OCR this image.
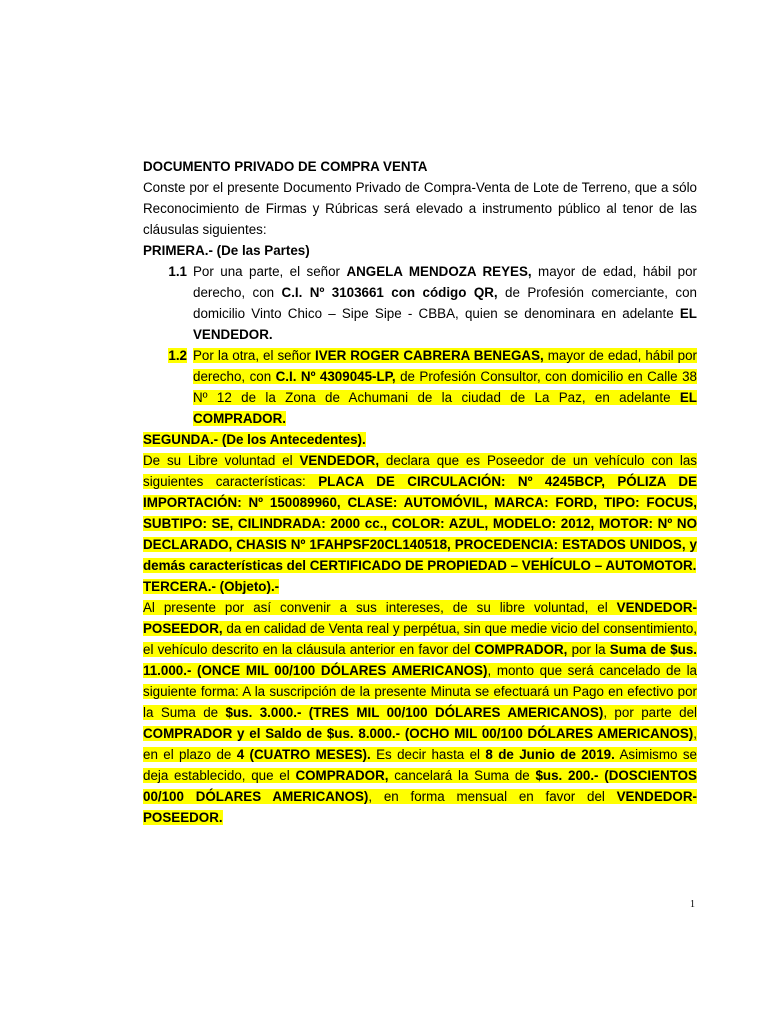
DOCUMENTO PRIVADO DE COMPRA VENTA

Conste por el presente Documento Privado de Compra-Venta de Lote de Terreno, que a sólo Reconocimiento de Firmas y Rúbricas será elevado a instrumento público al tenor de las cláusulas siguientes:

PRIMERA.- (De las Partes)

1.1 Por una parte, el señor ANGELA MENDOZA REYES, mayor de edad, hábil por derecho, con C.I. Nº 3103661 con código QR, de Profesión comerciante, con domicilio Vinto Chico – Sipe Sipe - CBBA, quien se denominara en adelante EL VENDEDOR.
1.2 Por la otra, el señor IVER ROGER CABRERA BENEGAS, mayor de edad, hábil por derecho, con C.I. Nº 4309045-LP, de Profesión Consultor, con domicilio en Calle 38 Nº 12 de la Zona de Achumani de la ciudad de La Paz, en adelante EL COMPRADOR.

SEGUNDA.- (De los Antecedentes).

De su Libre voluntad el VENDEDOR, declara que es Poseedor de un vehículo con las siguientes características: PLACA DE CIRCULACIÓN: Nº 4245BCP, PÓLIZA DE IMPORTACIÓN: Nº 150089960, CLASE: AUTOMÓVIL, MARCA: FORD, TIPO: FOCUS, SUBTIPO: SE, CILINDRADA: 2000 cc., COLOR: AZUL, MODELO: 2012, MOTOR: Nº NO DECLARADO, CHASIS Nº 1FAHPSF20CL140518, PROCEDENCIA: ESTADOS UNIDOS, y demás características del CERTIFICADO DE PROPIEDAD – VEHÍCULO – AUTOMOTOR.

TERCERA.- (Objeto).-

Al presente por así convenir a sus intereses, de su libre voluntad, el VENDEDOR-POSEEDOR, da en calidad de Venta real y perpétua, sin que medie vicio del consentimiento, el vehículo descrito en la cláusula anterior en favor del COMPRADOR, por la Suma de $us. 11.000.- (ONCE MIL 00/100 DÓLARES AMERICANOS), monto que será cancelado de la siguiente forma: A la suscripción de la presente Minuta se efectuará un Pago en efectivo por la Suma de $us. 3.000.- (TRES MIL 00/100 DÓLARES AMERICANOS), por parte del COMPRADOR y el Saldo de $us. 8.000.- (OCHO MIL 00/100 DÓLARES AMERICANOS), en el plazo de 4 (CUATRO MESES). Es decir hasta el 8 de Junio de 2019. Asimismo se deja establecido, que el COMPRADOR, cancelará la Suma de $us. 200.- (DOSCIENTOS 00/100 DÓLARES AMERICANOS), en forma mensual en favor del VENDEDOR-POSEEDOR.

1
